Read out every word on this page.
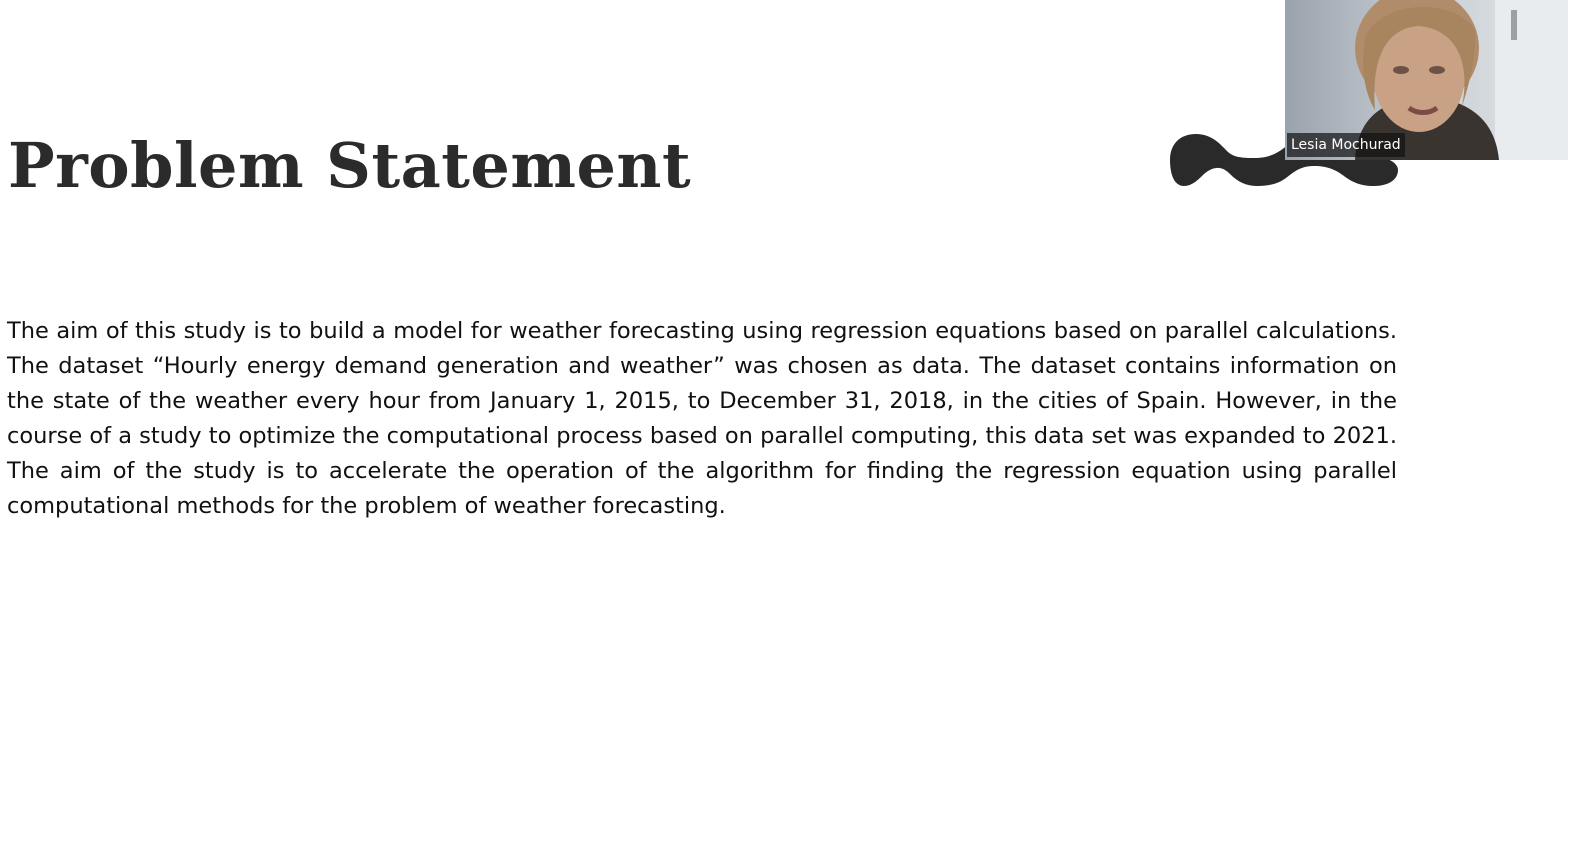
Problem Statement

The aim of this study is to build a model for weather forecasting using regression equations based on parallel calculations. The dataset “Hourly energy demand generation and weather” was chosen as data. The dataset contains information on the state of the weather every hour from January 1, 2015, to December 31, 2018, in the cities of Spain. However, in the course of a study to optimize the computational process based on parallel computing, this data set was expanded to 2021. The aim of the study is to accelerate the operation of the algorithm for finding the regression equation using parallel computational methods for the problem of weather forecasting.

Lesia Mochurad
